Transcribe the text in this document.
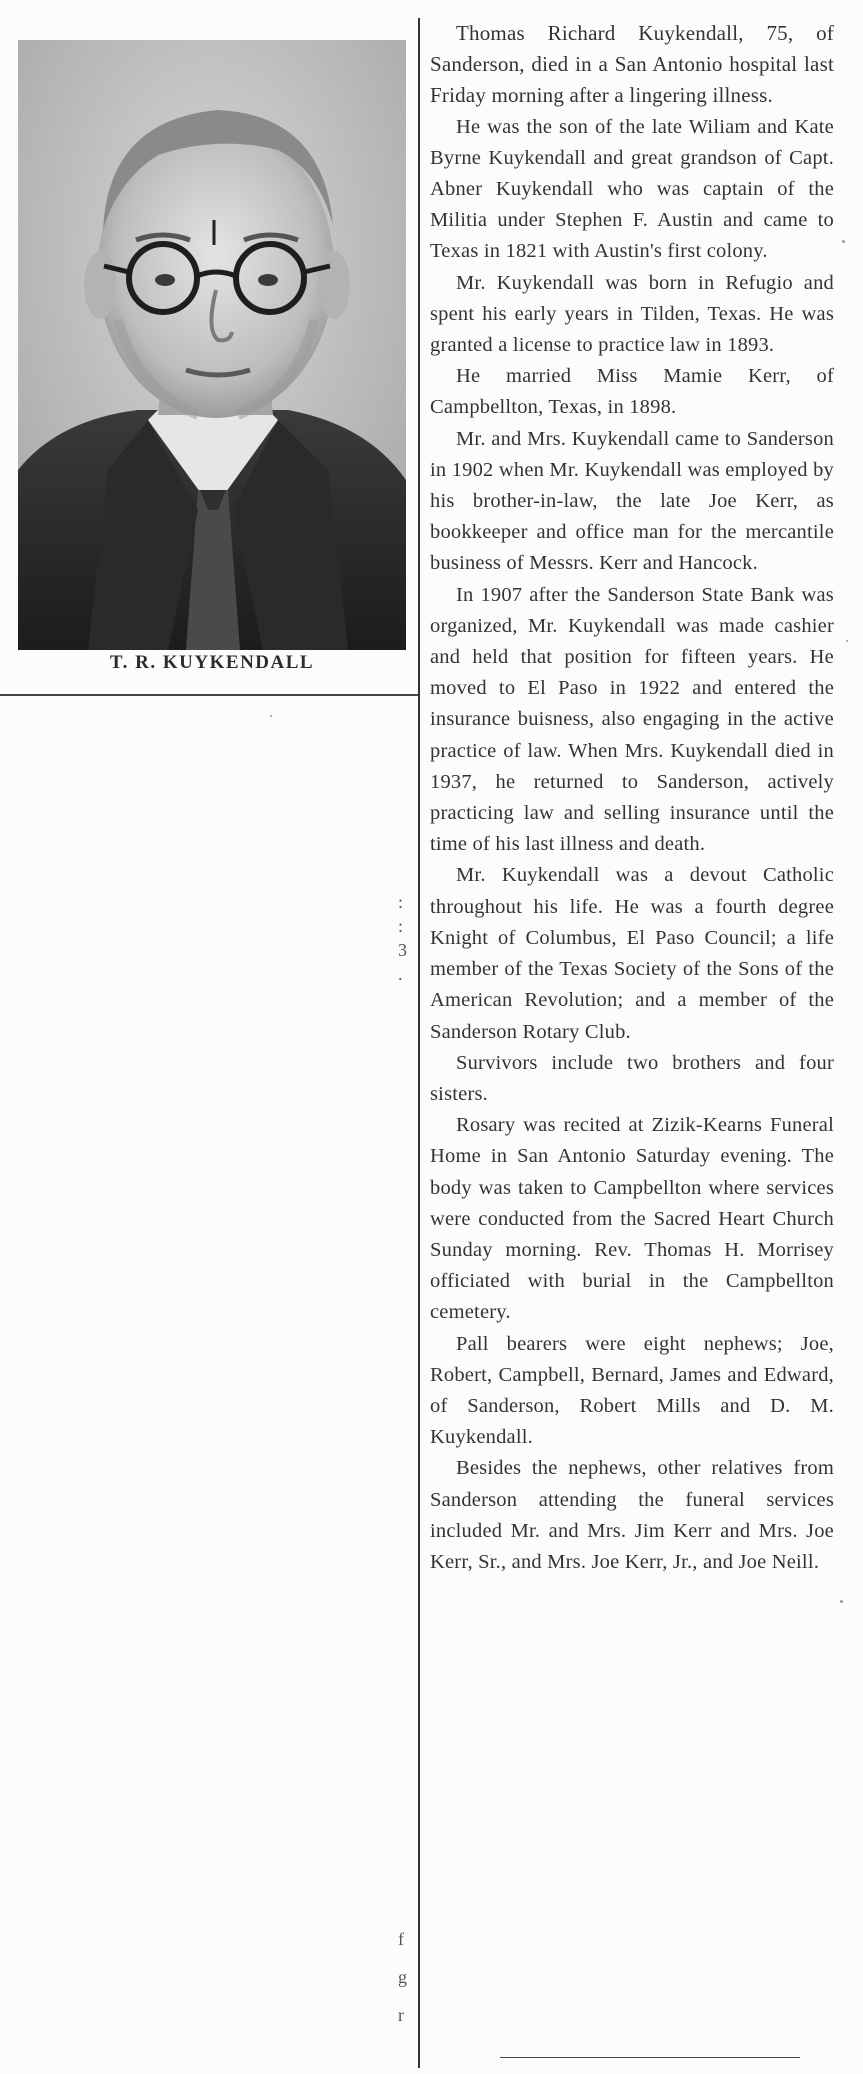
T. R. KUYKENDALL
:
:
3
.
f
g
r

Thomas Richard Kuykendall, 75, of Sanderson, died in a San Antonio hospital last Friday morning after a lingering illness.

He was the son of the late Wiliam and Kate Byrne Kuykendall and great grandson of Capt. Abner Kuykendall who was captain of the Militia under Stephen F. Austin and came to Texas in 1821 with Austin's first colony.

Mr. Kuykendall was born in Refugio and spent his early years in Tilden, Texas. He was granted a license to practice law in 1893.

He married Miss Mamie Kerr, of Campbellton, Texas, in 1898.

Mr. and Mrs. Kuykendall came to Sanderson in 1902 when Mr. Kuykendall was employed by his brother-in-law, the late Joe Kerr, as bookkeeper and office man for the mercantile business of Messrs. Kerr and Hancock.

In 1907 after the Sanderson State Bank was organized, Mr. Kuykendall was made cashier and held that position for fifteen years. He moved to El Paso in 1922 and entered the insurance buisness, also engaging in the active practice of law. When Mrs. Kuykendall died in 1937, he returned to Sanderson, actively practicing law and selling insurance until the time of his last illness and death.

Mr. Kuykendall was a devout Catholic throughout his life. He was a fourth degree Knight of Columbus, El Paso Council; a life member of the Texas Society of the Sons of the American Revolution; and a member of the Sanderson Rotary Club.

Survivors include two brothers and four sisters.

Rosary was recited at Zizik-Kearns Funeral Home in San Antonio Saturday evening. The body was taken to Campbellton where services were conducted from the Sacred Heart Church Sunday morning. Rev. Thomas H. Morrisey officiated with burial in the Campbellton cemetery.

Pall bearers were eight nephews; Joe, Robert, Campbell, Bernard, James and Edward, of Sanderson, Robert Mills and D. M. Kuykendall.

Besides the nephews, other relatives from Sanderson attending the funeral services included Mr. and Mrs. Jim Kerr and Mrs. Joe Kerr, Sr., and Mrs. Joe Kerr, Jr., and Joe Neill.
